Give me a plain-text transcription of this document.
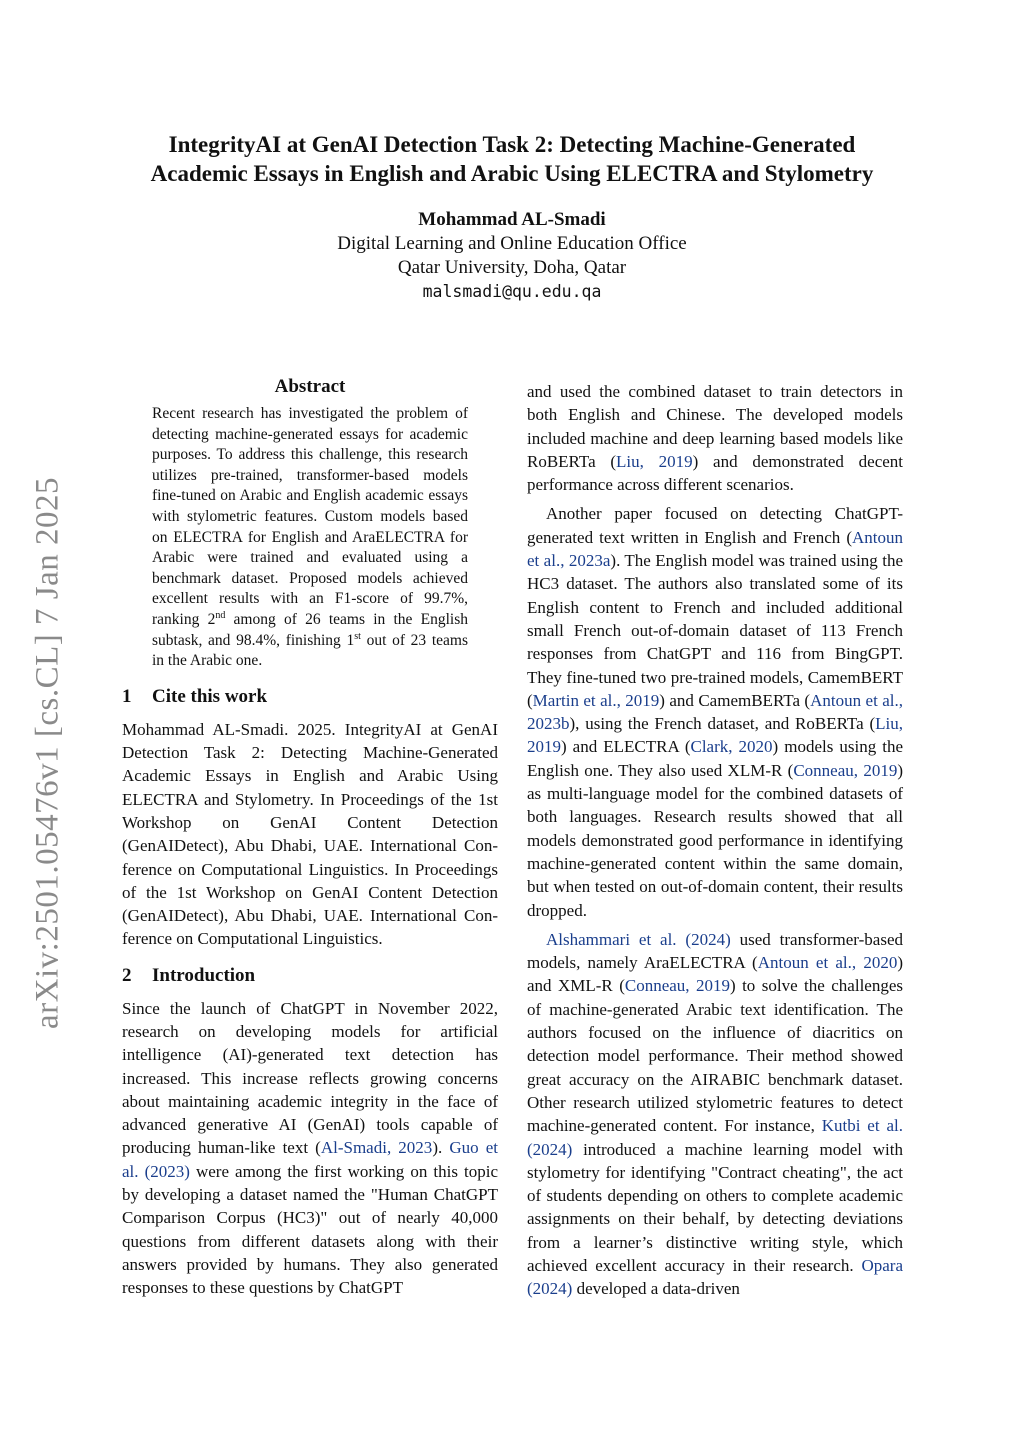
arXiv:2501.05476v1 [cs.CL] 7 Jan 2025
IntegrityAI at GenAI Detection Task 2: Detecting Machine-Generated
Academic Essays in English and Arabic Using ELECTRA and Stylometry
Mohammad AL-Smadi
Digital Learning and Online Education Office
Qatar University, Doha, Qatar
malsmadi@qu.edu.qa
Abstract

Recent research has investigated the problem of detecting machine-generated essays for academic purposes. To address this challenge, this research utilizes pre-trained, transformer-based models fine-tuned on Arabic and English academic essays with stylometric features. Custom models based on ELECTRA for English and AraELECTRA for Arabic were trained and evaluated using a benchmark dataset. Proposed models achieved excellent results with an F1-score of 99.7%, ranking 2nd among of 26 teams in the English subtask, and 98.4%, finishing 1st out of 23 teams in the Arabic one.

1 Cite this work

Mohammad AL-Smadi. 2025. IntegrityAI at GenAI Detection Task 2: Detecting Machine-Generated Academic Essays in English and Arabic Using ELECTRA and Stylometry. In Proceedings of the 1st Workshop on GenAI Content Detection (GenAIDetect), Abu Dhabi, UAE. International Con- ference on Computational Linguistics. In Proceedings of the 1st Workshop on GenAI Content Detection (GenAIDetect), Abu Dhabi, UAE. International Con- ference on Computational Linguistics.

2 Introduction

Since the launch of ChatGPT in November 2022, research on developing models for artificial intelligence (AI)-generated text detection has increased. This increase reflects growing concerns about maintaining academic integrity in the face of advanced generative AI (GenAI) tools capable of producing human-like text (Al-Smadi, 2023). Guo et al. (2023) were among the first working on this topic by developing a dataset named the "Human ChatGPT Comparison Corpus (HC3)" out of nearly 40,000 questions from different datasets along with their answers provided by humans. They also generated responses to these questions by ChatGPT

and used the combined dataset to train detectors in both English and Chinese. The developed models included machine and deep learning based models like RoBERTa (Liu, 2019) and demonstrated decent performance across different scenarios.

Another paper focused on detecting ChatGPT-generated text written in English and French (Antoun et al., 2023a). The English model was trained using the HC3 dataset. The authors also translated some of its English content to French and included additional small French out-of-domain dataset of 113 French responses from ChatGPT and 116 from BingGPT. They fine-tuned two pre-trained models, CamemBERT (Martin et al., 2019) and CamemBERTa (Antoun et al., 2023b), using the French dataset, and RoBERTa (Liu, 2019) and ELECTRA (Clark, 2020) models using the English one. They also used XLM-R (Conneau, 2019) as multi-language model for the combined datasets of both languages. Research results showed that all models demonstrated good performance in identifying machine-generated content within the same domain, but when tested on out-of-domain content, their results dropped.

Alshammari et al. (2024) used transformer-based models, namely AraELECTRA (Antoun et al., 2020) and XML-R (Conneau, 2019) to solve the challenges of machine-generated Arabic text identification. The authors focused on the influence of diacritics on detection model performance. Their method showed great accuracy on the AIRABIC benchmark dataset. Other research utilized stylometric features to detect machine-generated content. For instance, Kutbi et al. (2024) introduced a machine learning model with stylometry for identifying "Contract cheating", the act of students depending on others to complete academic assignments on their behalf, by detecting deviations from a learner’s distinctive writing style, which achieved excellent accuracy in their research. Opara (2024) developed a data-driven
